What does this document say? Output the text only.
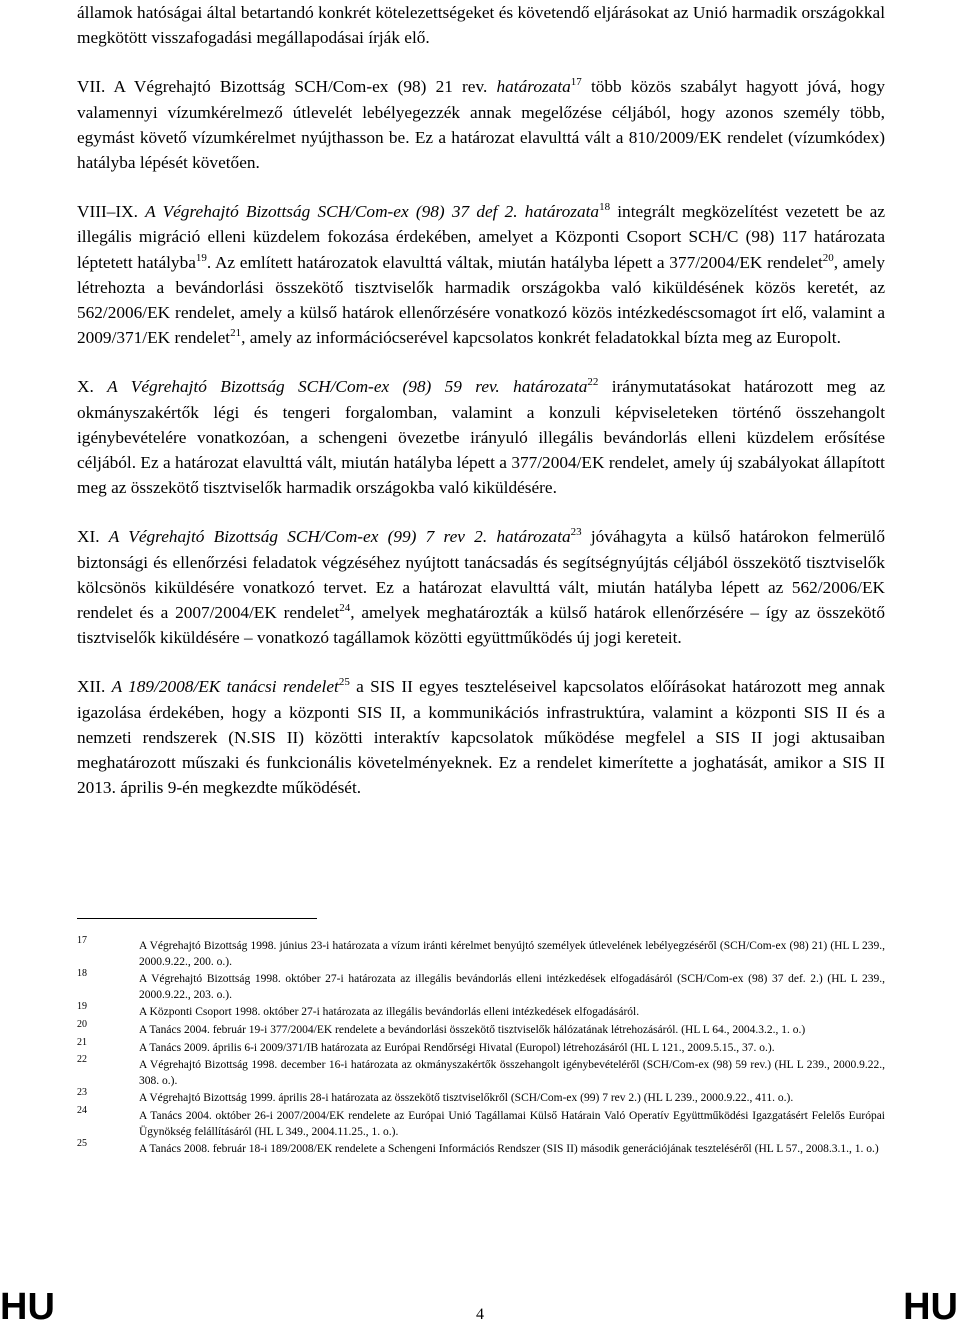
államok hatóságai által betartandó konkrét kötelezettségeket és követendő eljárásokat az Unió harmadik országokkal megkötött visszafogadási megállapodásai írják elő.

VII. A Végrehajtó Bizottság SCH/Com-ex (98) 21 rev. határozata$^{17}$ több közös szabályt hagyott jóvá, hogy valamennyi vízumkérelmező útlevelét lebélyegezzék annak megelőzése céljából, hogy azonos személy több, egymást követő vízumkérelmet nyújthasson be. Ez a határozat elavulttá vált a 810/2009/EK rendelet (vízumkódex) hatályba lépését követően.

VIII–IX. A Végrehajtó Bizottság SCH/Com-ex (98) 37 def 2. határozata$^{18}$ integrált megközelítést vezetett be az illegális migráció elleni küzdelem fokozása érdekében, amelyet a Központi Csoport SCH/C (98) 117 határozata léptetett hatályba$^{19}$. Az említett határozatok elavulttá váltak, miután hatályba lépett a 377/2004/EK rendelet$^{20}$, amely létrehozta a bevándorlási összekötő tisztviselők harmadik országokba való kiküldésének közös keretét, az 562/2006/EK rendelet, amely a külső határok ellenőrzésére vonatkozó közös intézkedéscsomagot írt elő, valamint a 2009/371/EK rendelet$^{21}$, amely az információcserével kapcsolatos konkrét feladatokkal bízta meg az Europolt.

X. A Végrehajtó Bizottság SCH/Com-ex (98) 59 rev. határozata$^{22}$ iránymutatásokat határozott meg az okmányszakértők légi és tengeri forgalomban, valamint a konzuli képviseleteken történő összehangolt igénybevételére vonatkozóan, a schengeni övezetbe irányuló illegális bevándorlás elleni küzdelem erősítése céljából. Ez a határozat elavulttá vált, miután hatályba lépett a 377/2004/EK rendelet, amely új szabályokat állapított meg az összekötő tisztviselők harmadik országokba való kiküldésére.

XI. A Végrehajtó Bizottság SCH/Com-ex (99) 7 rev 2. határozata$^{23}$ jóváhagyta a külső határokon felmerülő biztonsági és ellenőrzési feladatok végzéséhez nyújtott tanácsadás és segítségnyújtás céljából összekötő tisztviselők kölcsönös kiküldésére vonatkozó tervet. Ez a határozat elavulttá vált, miután hatályba lépett az 562/2006/EK rendelet és a 2007/2004/EK rendelet$^{24}$, amelyek meghatározták a külső határok ellenőrzésére – így az összekötő tisztviselők kiküldésére – vonatkozó tagállamok közötti együttműködés új jogi kereteit.

XII. A 189/2008/EK tanácsi rendelet$^{25}$ a SIS II egyes teszteléseivel kapcsolatos előírásokat határozott meg annak igazolása érdekében, hogy a központi SIS II, a kommunikációs infrastruktúra, valamint a központi SIS II és a nemzeti rendszerek (N.SIS II) közötti interaktív kapcsolatok működése megfelel a SIS II jogi aktusaiban meghatározott műszaki és funkcionális követelményeknek. Ez a rendelet kimerítette a joghatását, amikor a SIS II 2013. április 9-én megkezdte működését.

17	A Végrehajtó Bizottság 1998. június 23-i határozata a vízum iránti kérelmet benyújtó személyek útlevelének lebélyegzéséről (SCH/Com-ex (98) 21) (HL L 239., 2000.9.22., 200. o.).

18	A Végrehajtó Bizottság 1998. október 27-i határozata az illegális bevándorlás elleni intézkedések elfogadásáról (SCH/Com-ex (98) 37 def. 2.) (HL L 239., 2000.9.22., 203. o.).

19	A Központi Csoport 1998. október 27-i határozata az illegális bevándorlás elleni intézkedések elfogadásáról.

20	A Tanács 2004. február 19-i 377/2004/EK rendelete a bevándorlási összekötő tisztviselők hálózatának létrehozásáról. (HL L 64., 2004.3.2., 1. o.)

21	A Tanács 2009. április 6-i 2009/371/IB határozata az Európai Rendőrségi Hivatal (Europol) létrehozásáról (HL L 121., 2009.5.15., 37. o.).

22	A Végrehajtó Bizottság 1998. december 16-i határozata az okmányszakértők összehangolt igénybevételéről (SCH/Com-ex (98) 59 rev.) (HL L 239., 2000.9.22., 308. o.).

23	A Végrehajtó Bizottság 1999. április 28-i határozata az összekötő tisztviselőkről (SCH/Com-ex (99) 7 rev 2.) (HL L 239., 2000.9.22., 411. o.).

24	A Tanács 2004. október 26-i 2007/2004/EK rendelete az Európai Unió Tagállamai Külső Határain Való Operatív Együttműködési Igazgatásért Felelős Európai Ügynökség felállításáról (HL L 349., 2004.11.25., 1. o.).

25	A Tanács 2008. február 18-i 189/2008/EK rendelete a Schengeni Információs Rendszer (SIS II) második generációjának teszteléséről (HL L 57., 2008.3.1., 1. o.)

HU	4	HU
